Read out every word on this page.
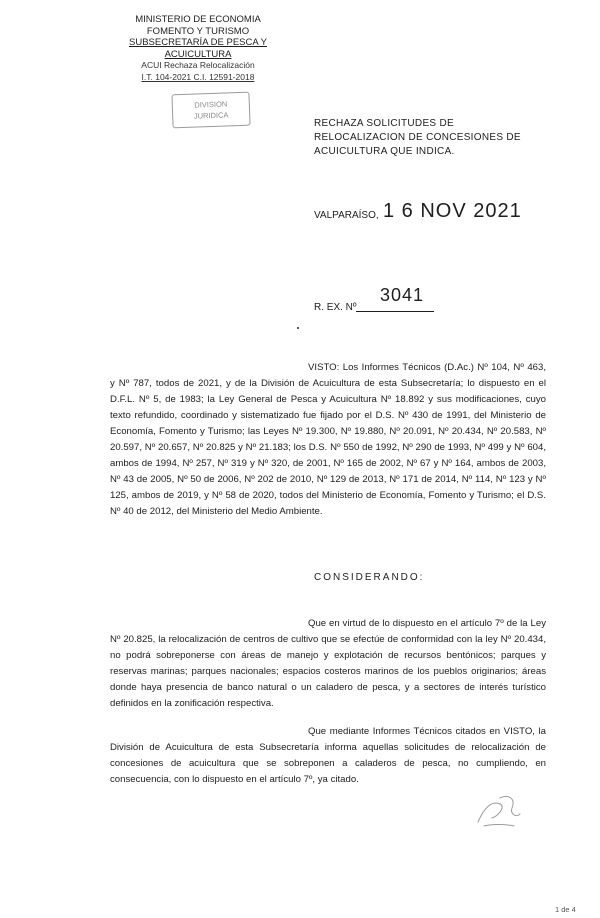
MINISTERIO DE ECONOMIA
FOMENTO Y TURISMO
SUBSECRETARÍA DE PESCA Y ACUICULTURA
ACUI Rechaza Relocalización
I.T. 104-2021 C.I. 12591-2018
DIVISION
JURIDICA
RECHAZA SOLICITUDES DE RELOCALIZACION DE CONCESIONES DE ACUICULTURA QUE INDICA.
VALPARAÍSO, 1 6 NOV 2021
R. EX. Nº
3041
VISTO: Los Informes Técnicos (D.Ac.) Nº 104, Nº 463, y Nº 787, todos de 2021, y de la División de Acuicultura de esta Subsecretaría; lo dispuesto en el D.F.L. Nº 5, de 1983; la Ley General de Pesca y Acuicultura Nº 18.892 y sus modificaciones, cuyo texto refundido, coordinado y sistematizado fue fijado por el D.S. Nº 430 de 1991, del Ministerio de Economía, Fomento y Turismo; las Leyes Nº 19.300, Nº 19.880, Nº 20.091, Nº 20.434, Nº 20.583, Nº 20.597, Nº 20.657, Nº 20.825 y Nº 21.183; los D.S. Nº 550 de 1992, Nº 290 de 1993, Nº 499 y Nº 604, ambos de 1994, Nº 257, Nº 319 y Nº 320, de 2001, Nº 165 de 2002, Nº 67 y Nº 164, ambos de 2003, Nº 43 de 2005, Nº 50 de 2006, Nº 202 de 2010, Nº 129 de 2013, Nº 171 de 2014, Nº 114, Nº 123 y Nº 125, ambos de 2019, y Nº 58 de 2020, todos del Ministerio de Economía, Fomento y Turismo; el D.S. Nº 40 de 2012, del Ministerio del Medio Ambiente.
CONSIDERANDO:
Que en virtud de lo dispuesto en el artículo 7º de la Ley Nº 20.825, la relocalización de centros de cultivo que se efectúe de conformidad con la ley Nº 20.434, no podrá sobreponerse con áreas de manejo y explotación de recursos bentónicos; parques y reservas marinas; parques nacionales; espacios costeros marinos de los pueblos originarios; áreas donde haya presencia de banco natural o un caladero de pesca, y a sectores de interés turístico definidos en la zonificación respectiva.
Que mediante Informes Técnicos citados en VISTO, la División de Acuicultura de esta Subsecretaría informa aquellas solicitudes de relocalización de concesiones de acuicultura que se sobreponen a caladeros de pesca, no cumpliendo, en consecuencia, con lo dispuesto en el artículo 7º, ya citado.
1 de 4
